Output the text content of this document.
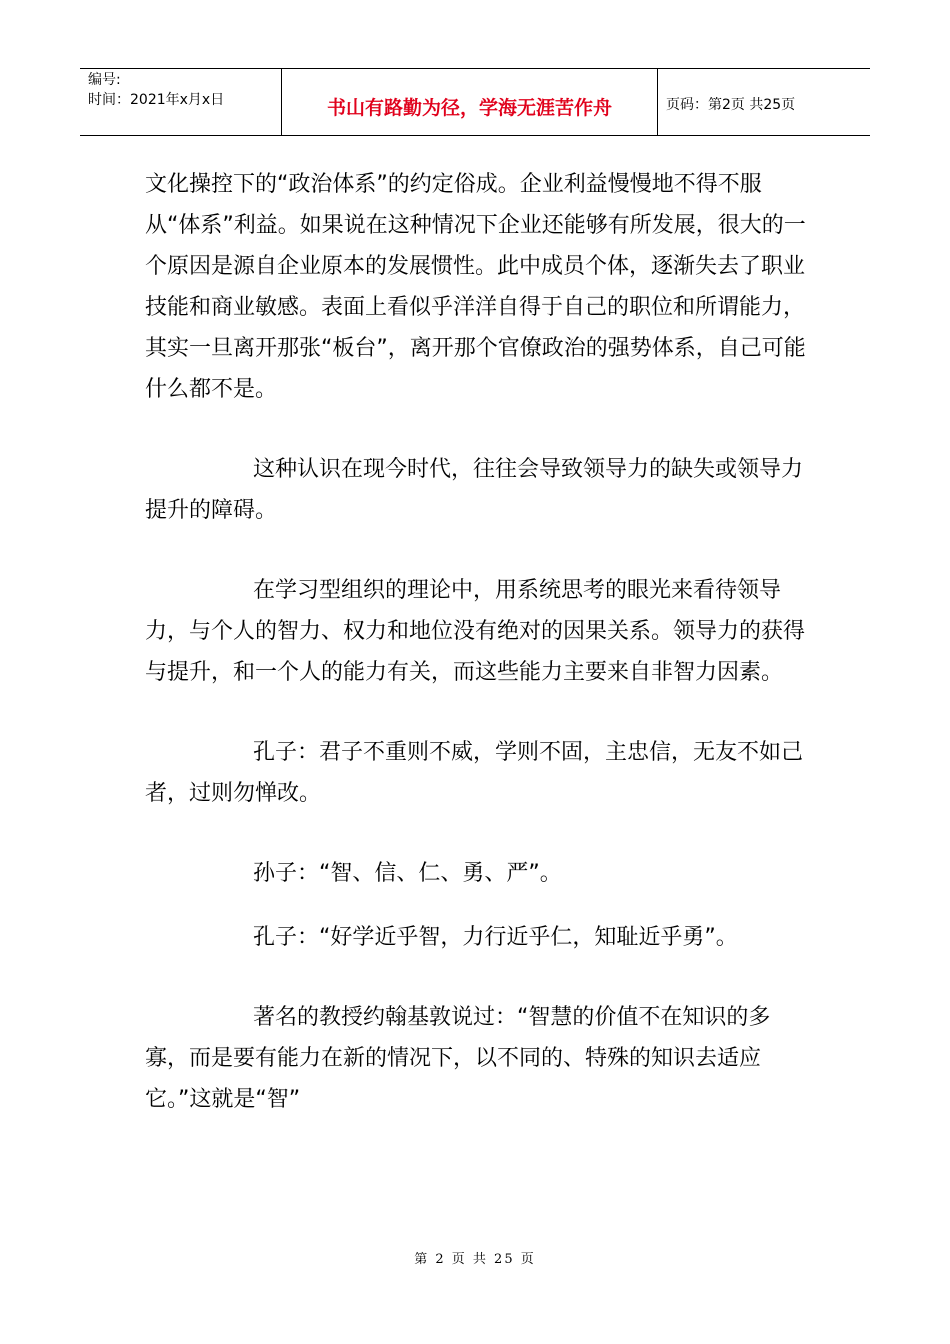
编号:
时间：2021年x月x日	书山有路勤为径，学海无涯苦作舟	页码：第2页 共25页

文化操控下的“政治体系”的约定俗成。企业利益慢慢地不得不服从“体系”利益。如果说在这种情况下企业还能够有所发展，很大的一个原因是源自企业原本的发展惯性。此中成员个体，逐渐失去了职业技能和商业敏感。表面上看似乎洋洋自得于自己的职位和所谓能力，其实一旦离开那张“板台”，离开那个官僚政治的强势体系，自己可能什么都不是。

这种认识在现今时代，往往会导致领导力的缺失或领导力提升的障碍。

在学习型组织的理论中，用系统思考的眼光来看待领导力，与个人的智力、权力和地位没有绝对的因果关系。领导力的获得与提升，和一个人的能力有关，而这些能力主要来自非智力因素。

孔子：君子不重则不威，学则不固，主忠信，无友不如己者，过则勿惮改。

孙子：“智、信、仁、勇、严”。

孔子：“好学近乎智，力行近乎仁，知耻近乎勇”。

著名的教授约翰基敦说过：“智慧的价值不在知识的多寡，而是要有能力在新的情况下，以不同的、特殊的知识去适应它。”这就是“智”

第 2 页 共 25 页
